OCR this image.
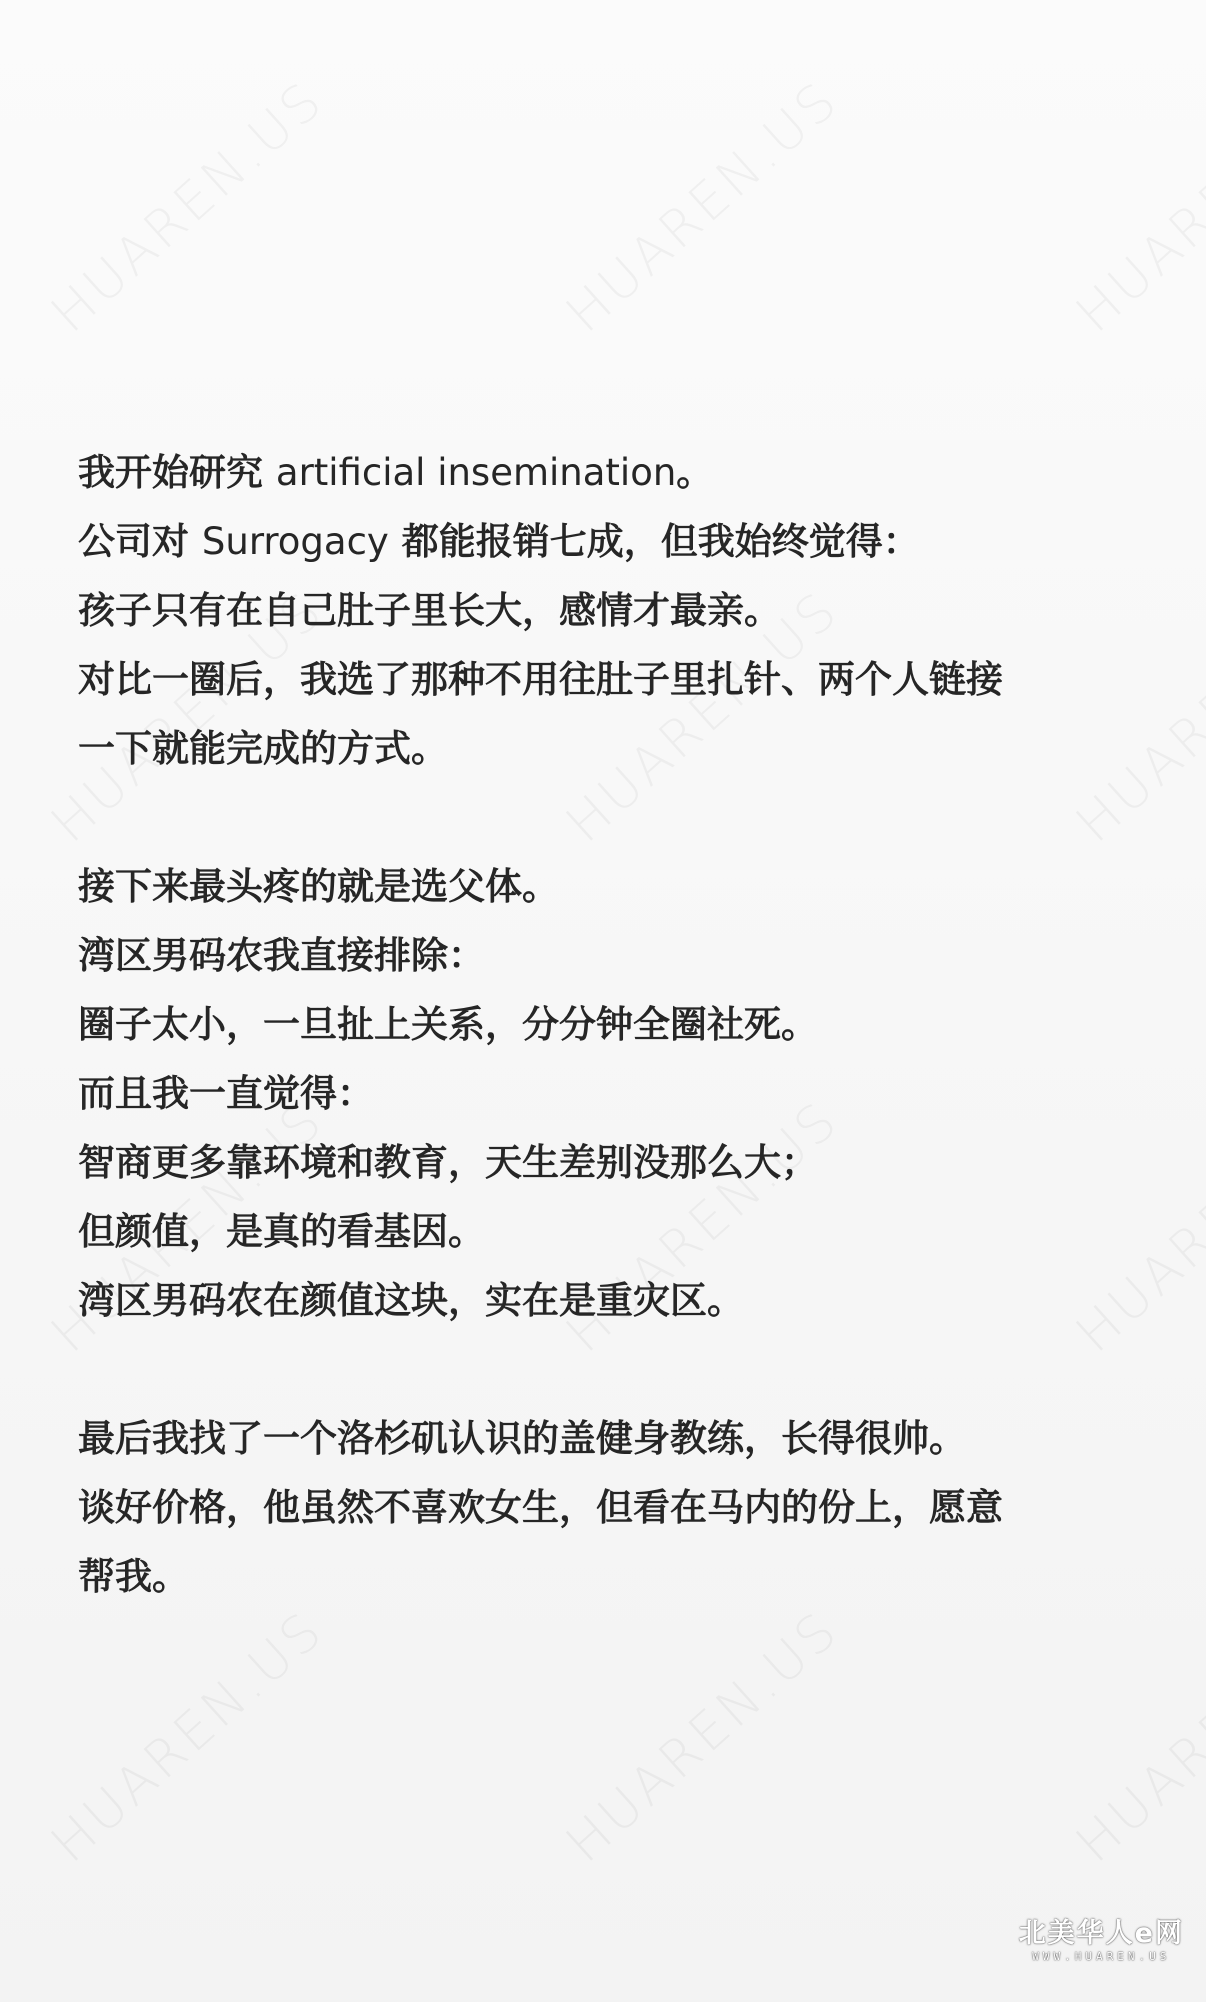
我开始研究 artificial insemination。
公司对 Surrogacy 都能报销七成，但我始终觉得：
孩子只有在自己肚子里长大，感情才最亲。
对比一圈后，我选了那种不用往肚子里扎针、两个人链接
一下就能完成的方式。
接下来最头疼的就是选父体。
湾区男码农我直接排除：
圈子太小，一旦扯上关系，分分钟全圈社死。
而且我一直觉得：
智商更多靠环境和教育，天生差别没那么大；
但颜值，是真的看基因。
湾区男码农在颜值这块，实在是重灾区。
最后我找了一个洛杉矶认识的盖健身教练，长得很帅。
谈好价格，他虽然不喜欢女生，但看在马内的份上，愿意
帮我。
北美华人e网
WWW.HUAREN.US
